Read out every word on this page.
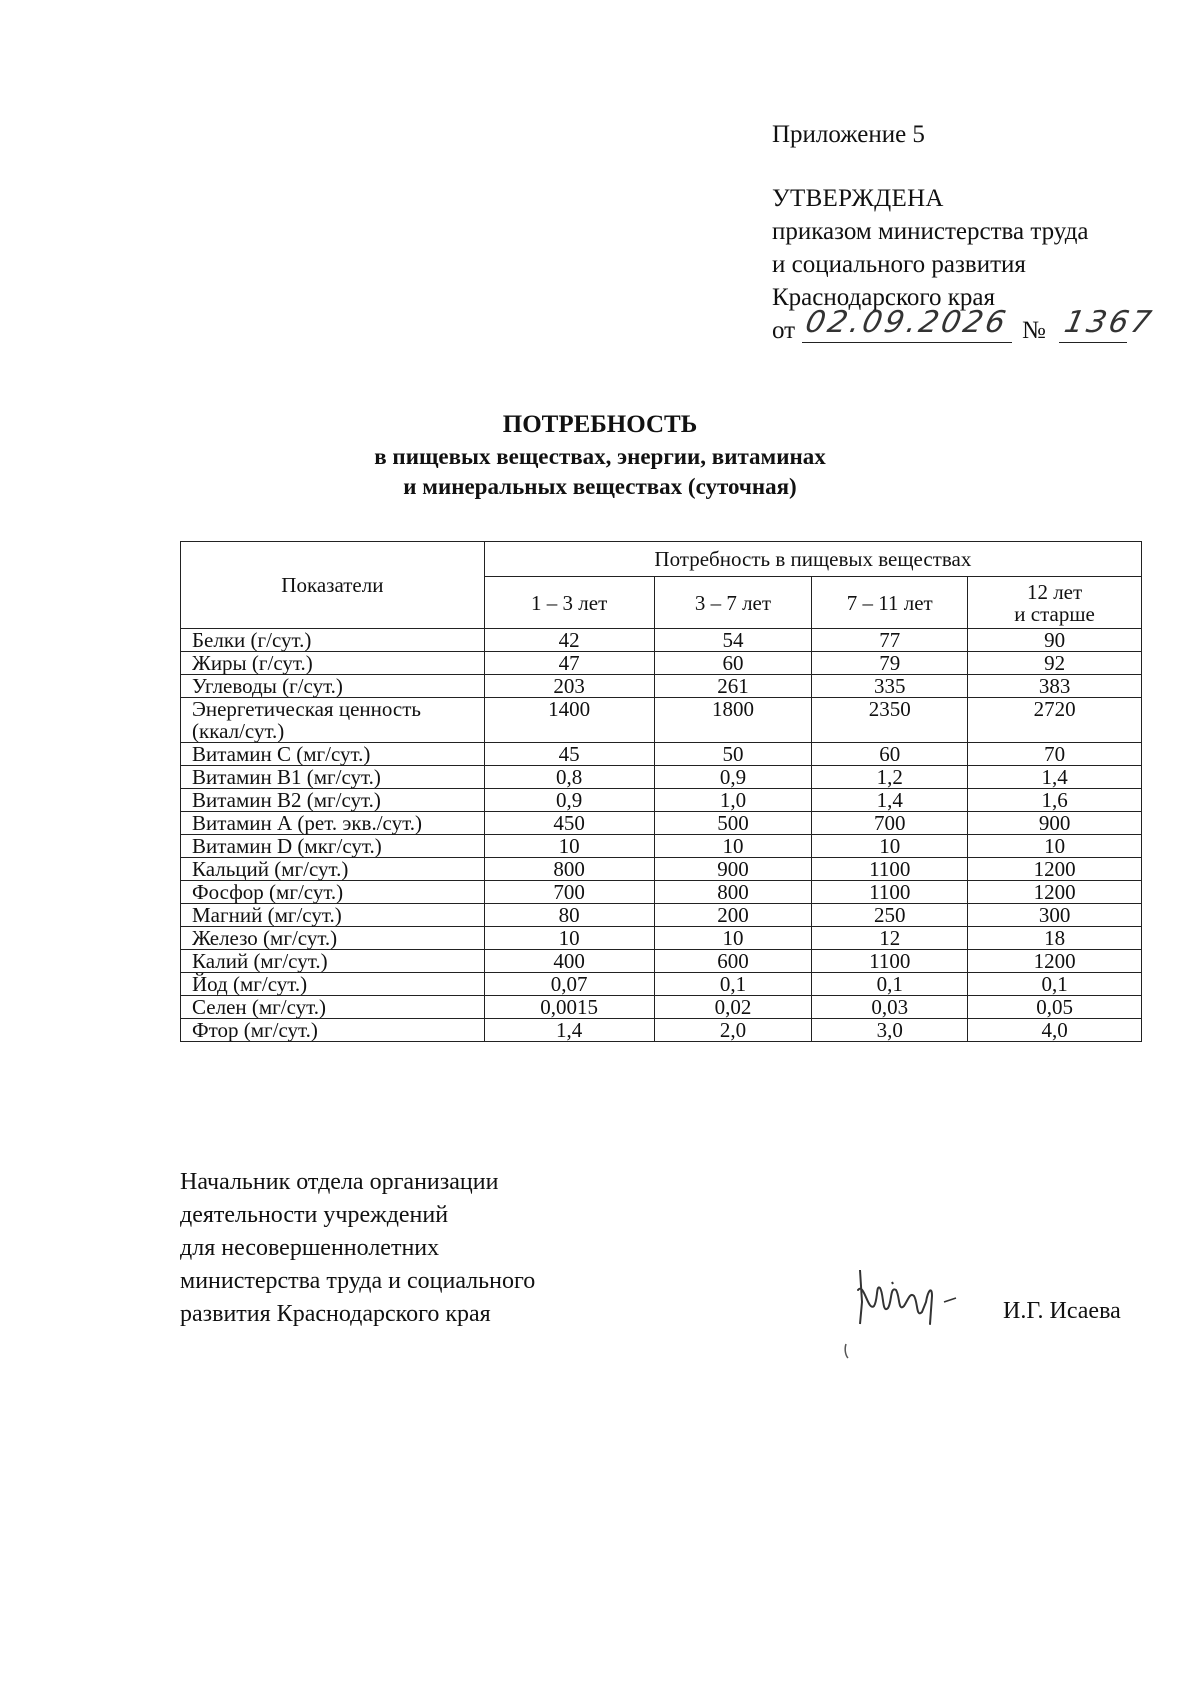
Приложение 5
УТВЕРЖДЕНА
приказом министерства труда
и социального развития
Краснодарского края
от 02.09.2026 № 1367
ПОТРЕБНОСТЬ
в пищевых веществах, энергии, витаминах
и минеральных веществах (суточная)
Показатели	Потребность в пищевых веществах			
	1 – 3 лет	3 – 7 лет	7 – 11 лет	12 лет
и старше
Белки (г/сут.)	42	54	77	90
Жиры (г/сут.)	47	60	79	92
Углеводы (г/сут.)	203	261	335	383
Энергетическая ценность
(ккал/сут.)	1400	1800	2350	2720
Витамин С (мг/сут.)	45	50	60	70
Витамин В1 (мг/сут.)	0,8	0,9	1,2	1,4
Витамин В2 (мг/сут.)	0,9	1,0	1,4	1,6
Витамин А (рет. экв./сут.)	450	500	700	900
Витамин D (мкг/сут.)	10	10	10	10
Кальций (мг/сут.)	800	900	1100	1200
Фосфор (мг/сут.)	700	800	1100	1200
Магний (мг/сут.)	80	200	250	300
Железо (мг/сут.)	10	10	12	18
Калий (мг/сут.)	400	600	1100	1200
Йод (мг/сут.)	0,07	0,1	0,1	0,1
Селен (мг/сут.)	0,0015	0,02	0,03	0,05
Фтор (мг/сут.)	1,4	2,0	3,0	4,0
Начальник отдела организации
деятельности учреждений
для несовершеннолетних
министерства труда и социального
развития Краснодарского края	И.Г. Исаева
